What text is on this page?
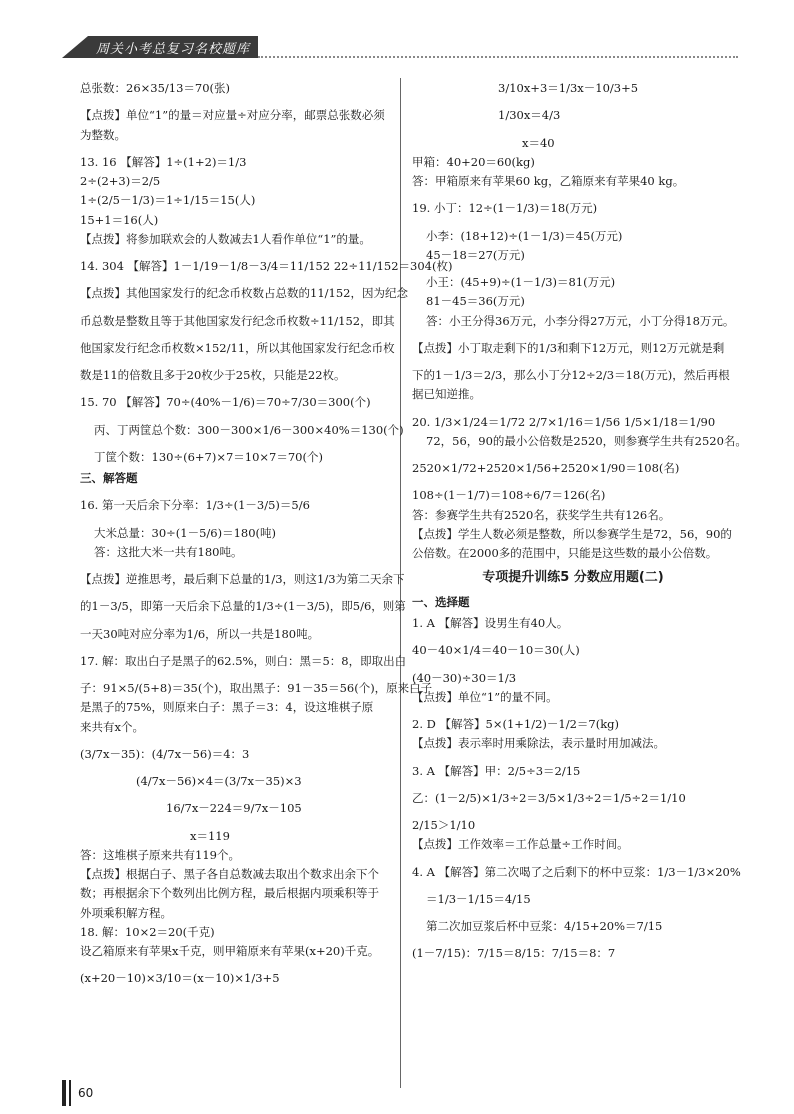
周关小考总复习名校题库
总张数：26×35/13＝70(张)
【点拨】单位“1”的量＝对应量÷对应分率，邮票总张数必须
为整数。
13. 16 【解答】1÷(1+2)＝1/3
2÷(2+3)＝2/5
1÷(2/5－1/3)＝1÷1/15＝15(人)
15+1＝16(人)
【点拨】将参加联欢会的人数减去1人看作单位“1”的量。
14. 304 【解答】1－1/19－1/8－3/4＝11/152 22÷11/152＝304(枚)
【点拨】其他国家发行的纪念币枚数占总数的11/152，因为纪念
币总数是整数且等于其他国家发行纪念币枚数÷11/152，即其
他国家发行纪念币枚数×152/11，所以其他国家发行纪念币枚
数是11的倍数且多于20枚少于25枚，只能是22枚。
15. 70 【解答】70÷(40%－1/6)＝70÷7/30＝300(个)
丙、丁两筐总个数：300－300×1/6－300×40%＝130(个)
丁筐个数：130÷(6+7)×7＝10×7＝70(个)
三、解答题
16. 第一天后余下分率：1/3÷(1－3/5)＝5/6
大米总量：30÷(1－5/6)＝180(吨)
答：这批大米一共有180吨。
【点拨】逆推思考，最后剩下总量的1/3，则这1/3为第二天余下
的1－3/5，即第一天后余下总量的1/3÷(1－3/5)，即5/6，则第
一天30吨对应分率为1/6，所以一共是180吨。
17. 解：取出白子是黑子的62.5%，则白：黑＝5：8，即取出白
子：91×5/(5+8)＝35(个)，取出黑子：91－35＝56(个)，原来白子
是黑子的75%，则原来白子：黑子＝3：4，设这堆棋子原
来共有x个。
(3/7x－35)：(4/7x－56)＝4：3
(4/7x－56)×4＝(3/7x－35)×3
16/7x－224＝9/7x－105
x＝119
答：这堆棋子原来共有119个。
【点拨】根据白子、黑子各自总数减去取出个数求出余下个
数；再根据余下个数列出比例方程，最后根据内项乘积等于
外项乘积解方程。
18. 解：10×2＝20(千克)
设乙箱原来有苹果x千克，则甲箱原来有苹果(x+20)千克。
(x+20－10)×3/10＝(x－10)×1/3+5
3/10x+3＝1/3x－10/3+5
1/30x＝4/3
x＝40
甲箱：40+20＝60(kg)
答：甲箱原来有苹果60 kg，乙箱原来有苹果40 kg。
19. 小丁：12÷(1－1/3)＝18(万元)
小李：(18+12)÷(1－1/3)＝45(万元)
45－18＝27(万元)
小王：(45+9)÷(1－1/3)＝81(万元)
81－45＝36(万元)
答：小王分得36万元，小李分得27万元，小丁分得18万元。
【点拨】小丁取走剩下的1/3和剩下12万元，则12万元就是剩
下的1－1/3＝2/3，那么小丁分12÷2/3＝18(万元)，然后再根
据已知逆推。
20. 1/3×1/24＝1/72 2/7×1/16＝1/56 1/5×1/18＝1/90
72，56，90的最小公倍数是2520，则参赛学生共有2520名。
2520×1/72+2520×1/56+2520×1/90＝108(名)
108÷(1－1/7)＝108÷6/7＝126(名)
答：参赛学生共有2520名，获奖学生共有126名。
【点拨】学生人数必须是整数，所以参赛学生是72，56，90的
公倍数。在2000多的范围中，只能是这些数的最小公倍数。
专项提升训练5 分数应用题(二)
一、选择题
1. A 【解答】设男生有40人。
40－40×1/4＝40－10＝30(人)
(40－30)÷30＝1/3
【点拨】单位“1”的量不同。
2. D 【解答】5×(1+1/2)－1/2＝7(kg)
【点拨】表示率时用乘除法，表示量时用加减法。
3. A 【解答】甲：2/5÷3＝2/15
乙：(1－2/5)×1/3÷2＝3/5×1/3÷2＝1/5÷2＝1/10
2/15＞1/10
【点拨】工作效率＝工作总量÷工作时间。
4. A 【解答】第二次喝了之后剩下的杯中豆浆：1/3－1/3×20%
＝1/3－1/15＝4/15
第二次加豆浆后杯中豆浆：4/15+20%＝7/15
(1－7/15)：7/15＝8/15：7/15＝8：7
60
